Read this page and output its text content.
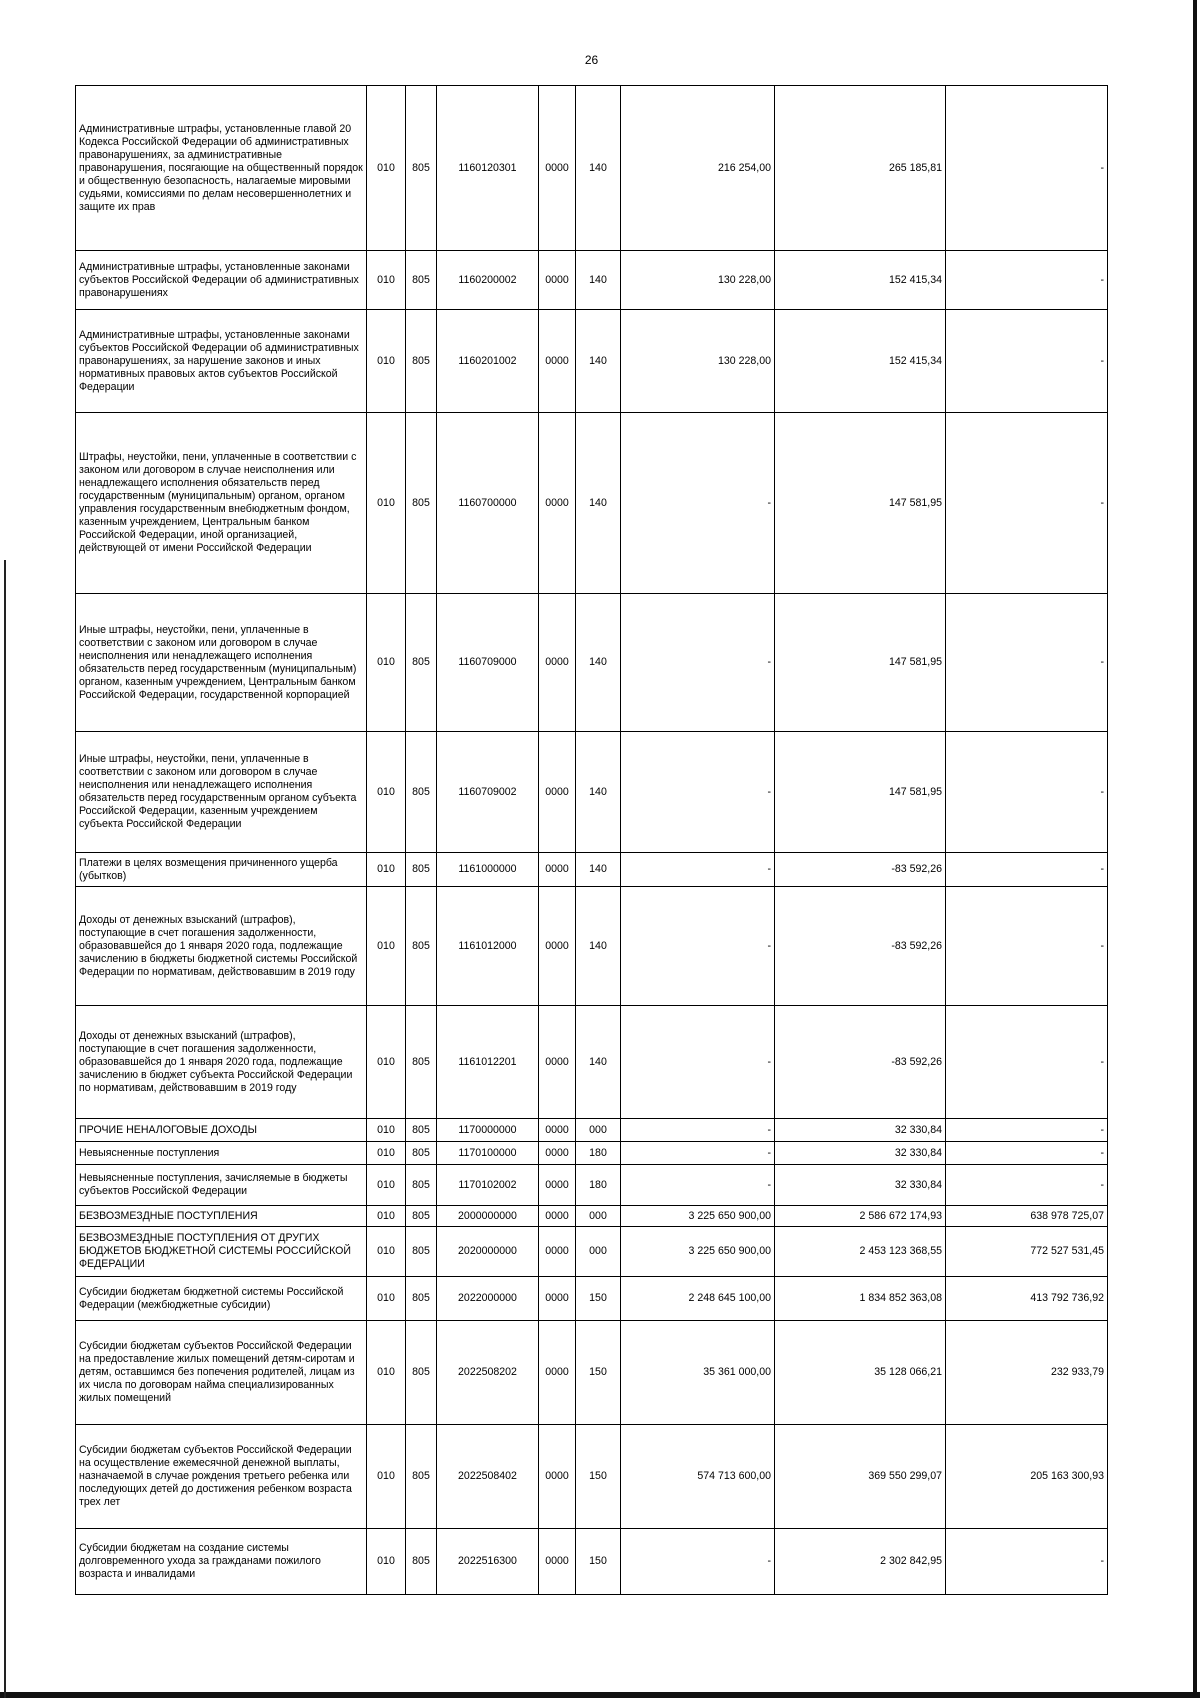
26
Административные штрафы, установленные главой 20 Кодекса Российской Федерации об административных правонарушениях, за административные правонарушения, посягающие на общественный порядок и общественную безопасность, налагаемые мировыми судьями, комиссиями по делам несовершеннолетних и защите их прав	010	805	1160120301	0000	140	216 254,00	265 185,81	-
Административные штрафы, установленные законами субъектов Российской Федерации об административных правонарушениях	010	805	1160200002	0000	140	130 228,00	152 415,34	-
Административные штрафы, установленные законами субъектов Российской Федерации об административных правонарушениях, за нарушение законов и иных нормативных правовых актов субъектов Российской Федерации	010	805	1160201002	0000	140	130 228,00	152 415,34	-
Штрафы, неустойки, пени, уплаченные в соответствии с законом или договором в случае неисполнения или ненадлежащего исполнения обязательств перед государственным (муниципальным) органом, органом управления государственным внебюджетным фондом, казенным учреждением, Центральным банком Российской Федерации, иной организацией, действующей от имени Российской Федерации	010	805	1160700000	0000	140	-	147 581,95	-
Иные штрафы, неустойки, пени, уплаченные в соответствии с законом или договором в случае неисполнения или ненадлежащего исполнения обязательств перед государственным (муниципальным) органом, казенным учреждением, Центральным банком Российской Федерации, государственной корпорацией	010	805	1160709000	0000	140	-	147 581,95	-
Иные штрафы, неустойки, пени, уплаченные в соответствии с законом или договором в случае неисполнения или ненадлежащего исполнения обязательств перед государственным органом субъекта Российской Федерации, казенным учреждением субъекта Российской Федерации	010	805	1160709002	0000	140	-	147 581,95	-
Платежи в целях возмещения причиненного ущерба (убытков)	010	805	1161000000	0000	140	-	-83 592,26	-
Доходы от денежных взысканий (штрафов), поступающие в счет погашения задолженности, образовавшейся до 1 января 2020 года, подлежащие зачислению в бюджеты бюджетной системы Российской Федерации по нормативам, действовавшим в 2019 году	010	805	1161012000	0000	140	-	-83 592,26	-
Доходы от денежных взысканий (штрафов), поступающие в счет погашения задолженности, образовавшейся до 1 января 2020 года, подлежащие зачислению в бюджет субъекта Российской Федерации по нормативам, действовавшим в 2019 году	010	805	1161012201	0000	140	-	-83 592,26	-
ПРОЧИЕ НЕНАЛОГОВЫЕ ДОХОДЫ	010	805	1170000000	0000	000	-	32 330,84	-
Невыясненные поступления	010	805	1170100000	0000	180	-	32 330,84	-
Невыясненные поступления, зачисляемые в бюджеты субъектов Российской Федерации	010	805	1170102002	0000	180	-	32 330,84	-
БЕЗВОЗМЕЗДНЫЕ ПОСТУПЛЕНИЯ	010	805	2000000000	0000	000	3 225 650 900,00	2 586 672 174,93	638 978 725,07
БЕЗВОЗМЕЗДНЫЕ ПОСТУПЛЕНИЯ ОТ ДРУГИХ БЮДЖЕТОВ БЮДЖЕТНОЙ СИСТЕМЫ РОССИЙСКОЙ ФЕДЕРАЦИИ	010	805	2020000000	0000	000	3 225 650 900,00	2 453 123 368,55	772 527 531,45
Субсидии бюджетам бюджетной системы Российской Федерации (межбюджетные субсидии)	010	805	2022000000	0000	150	2 248 645 100,00	1 834 852 363,08	413 792 736,92
Субсидии бюджетам субъектов Российской Федерации на предоставление жилых помещений детям-сиротам и детям, оставшимся без попечения родителей, лицам из их числа по договорам найма специализированных жилых помещений	010	805	2022508202	0000	150	35 361 000,00	35 128 066,21	232 933,79
Субсидии бюджетам субъектов Российской Федерации на осуществление ежемесячной денежной выплаты, назначаемой в случае рождения третьего ребенка или последующих детей до достижения ребенком возраста трех лет	010	805	2022508402	0000	150	574 713 600,00	369 550 299,07	205 163 300,93
Субсидии бюджетам на создание системы долговременного ухода за гражданами пожилого возраста и инвалидами	010	805	2022516300	0000	150	-	2 302 842,95	-
